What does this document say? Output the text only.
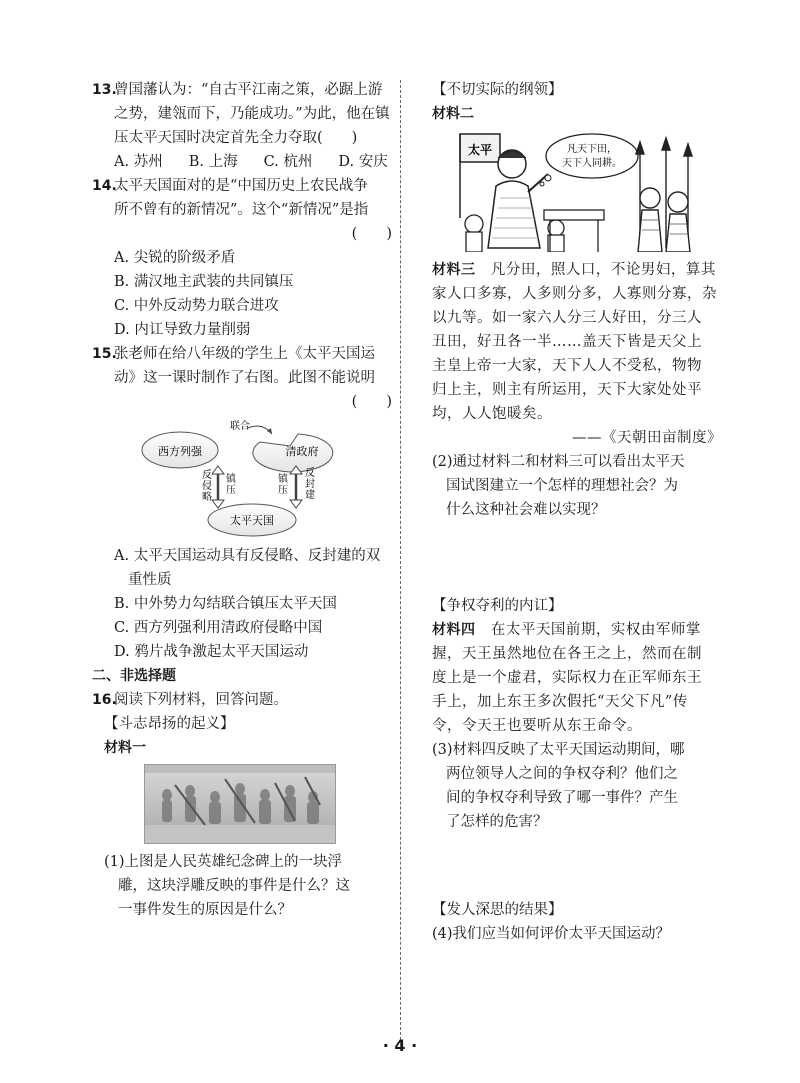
13.
曾国藩认为：“自古平江南之策，必踞上游
之势，建瓴而下，乃能成功。”为此，他在镇
压太平天国时决定首先全力夺取(　　)
A. 苏州 B. 上海 C. 杭州 D. 安庆
14.
太平天国面对的是“中国历史上农民战争
所不曾有的新情况”。这个“新情况”是指
(　　)
A. 尖锐的阶级矛盾
B. 满汉地主武装的共同镇压
C. 中外反动势力联合进攻
D. 内讧导致力量削弱
15.
张老师在给八年级的学生上《太平天国运
动》这一课时制作了右图。此图不能说明
(　　)
西方列强	清政府
联合
太平天国
反侵略
镇压
镇压
反封建
A. 太平天国运动具有反侵略、反封建的双
重性质
B. 中外势力勾结联合镇压太平天国
C. 西方列强利用清政府侵略中国
D. 鸦片战争激起太平天国运动

二、非选择题

16.
阅读下列材料，回答问题。
【斗志昂扬的起义】
材料一
(1)上图是人民英雄纪念碑上的一块浮
雕，这块浮雕反映的事件是什么？这
一事件发生的原因是什么？
【不切实际的纲领】
材料二
太平	凡天下田，
天下人同耕。
材料三 凡分田，照人口，不论男妇，算其
家人口多寡，人多则分多，人寡则分寡，杂
以九等。如一家六人分三人好田，分三人
丑田，好丑各一半……盖天下皆是天父上
主皇上帝一大家，天下人人不受私，物物
归上主，则主有所运用，天下大家处处平
均，人人饱暖矣。
——《天朝田亩制度》
(2)通过材料二和材料三可以看出太平天
国试图建立一个怎样的理想社会？为
什么这种社会难以实现？
【争权夺利的内讧】
材料四 在太平天国前期，实权由军师掌
握，天王虽然地位在各王之上，然而在制
度上是一个虚君，实际权力在正军师东王
手上，加上东王多次假托“天父下凡”传
令，令天王也要听从东王命令。
(3)材料四反映了太平天国运动期间，哪
两位领导人之间的争权夺利？他们之
间的争权夺利导致了哪一事件？产生
了怎样的危害？
【发人深思的结果】
(4)我们应当如何评价太平天国运动？
· 4 ·
